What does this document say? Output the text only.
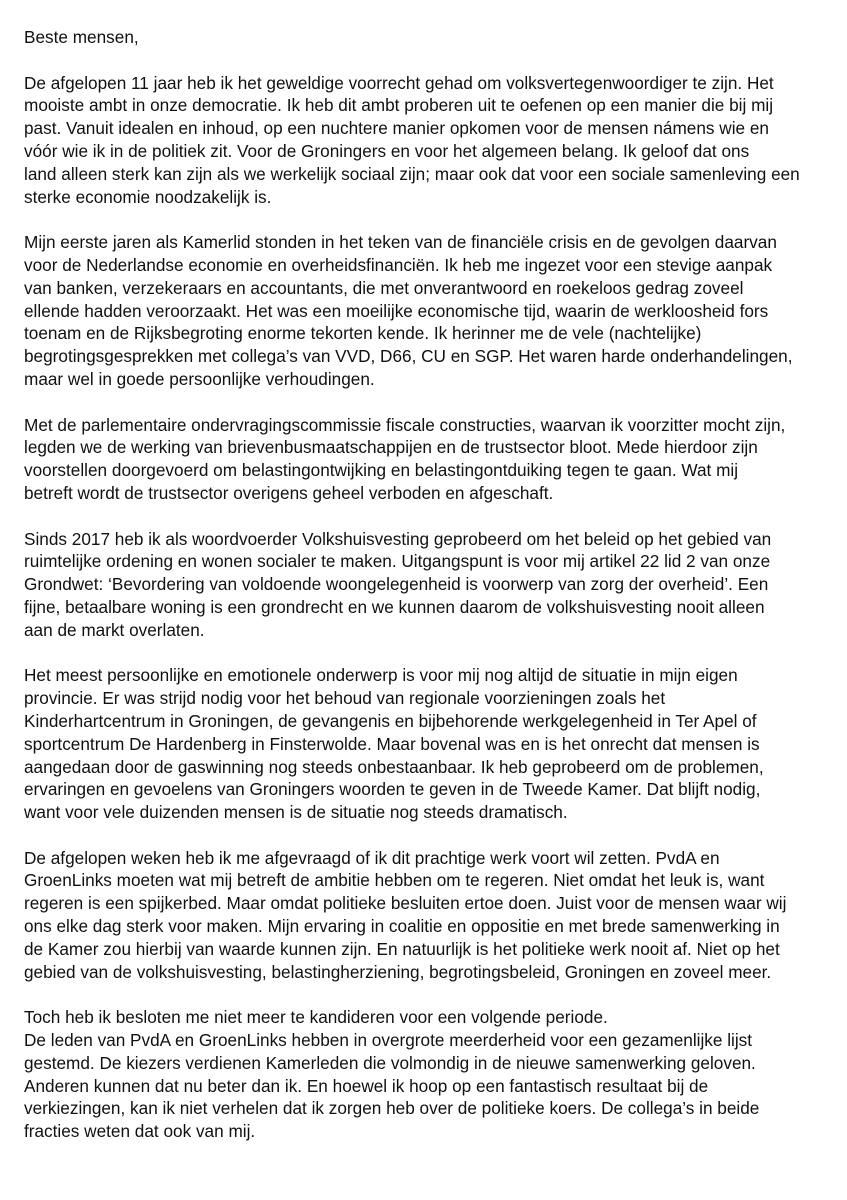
Beste mensen,
De afgelopen 11 jaar heb ik het geweldige voorrecht gehad om volksvertegenwoordiger te zijn. Het
mooiste ambt in onze democratie. Ik heb dit ambt proberen uit te oefenen op een manier die bij mij
past. Vanuit idealen en inhoud, op een nuchtere manier opkomen voor de mensen námens wie en
vóór wie ik in de politiek zit. Voor de Groningers en voor het algemeen belang. Ik geloof dat ons
land alleen sterk kan zijn als we werkelijk sociaal zijn; maar ook dat voor een sociale samenleving een
sterke economie noodzakelijk is.
Mijn eerste jaren als Kamerlid stonden in het teken van de financiële crisis en de gevolgen daarvan
voor de Nederlandse economie en overheidsfinanciën. Ik heb me ingezet voor een stevige aanpak
van banken, verzekeraars en accountants, die met onverantwoord en roekeloos gedrag zoveel
ellende hadden veroorzaakt. Het was een moeilijke economische tijd, waarin de werkloosheid fors
toenam en de Rijksbegroting enorme tekorten kende. Ik herinner me de vele (nachtelijke)
begrotingsgesprekken met collega’s van VVD, D66, CU en SGP. Het waren harde onderhandelingen,
maar wel in goede persoonlijke verhoudingen.
Met de parlementaire ondervragingscommissie fiscale constructies, waarvan ik voorzitter mocht zijn,
legden we de werking van brievenbusmaatschappijen en de trustsector bloot. Mede hierdoor zijn
voorstellen doorgevoerd om belastingontwijking en belastingontduiking tegen te gaan. Wat mij
betreft wordt de trustsector overigens geheel verboden en afgeschaft.
Sinds 2017 heb ik als woordvoerder Volkshuisvesting geprobeerd om het beleid op het gebied van
ruimtelijke ordening en wonen socialer te maken. Uitgangspunt is voor mij artikel 22 lid 2 van onze
Grondwet: ‘Bevordering van voldoende woongelegenheid is voorwerp van zorg der overheid’. Een
fijne, betaalbare woning is een grondrecht en we kunnen daarom de volkshuisvesting nooit alleen
aan de markt overlaten.
Het meest persoonlijke en emotionele onderwerp is voor mij nog altijd de situatie in mijn eigen
provincie. Er was strijd nodig voor het behoud van regionale voorzieningen zoals het
Kinderhartcentrum in Groningen, de gevangenis en bijbehorende werkgelegenheid in Ter Apel of
sportcentrum De Hardenberg in Finsterwolde. Maar bovenal was en is het onrecht dat mensen is
aangedaan door de gaswinning nog steeds onbestaanbaar. Ik heb geprobeerd om de problemen,
ervaringen en gevoelens van Groningers woorden te geven in de Tweede Kamer. Dat blijft nodig,
want voor vele duizenden mensen is de situatie nog steeds dramatisch.
De afgelopen weken heb ik me afgevraagd of ik dit prachtige werk voort wil zetten. PvdA en
GroenLinks moeten wat mij betreft de ambitie hebben om te regeren. Niet omdat het leuk is, want
regeren is een spijkerbed. Maar omdat politieke besluiten ertoe doen. Juist voor de mensen waar wij
ons elke dag sterk voor maken. Mijn ervaring in coalitie en oppositie en met brede samenwerking in
de Kamer zou hierbij van waarde kunnen zijn. En natuurlijk is het politieke werk nooit af. Niet op het
gebied van de volkshuisvesting, belastingherziening, begrotingsbeleid, Groningen en zoveel meer.
Toch heb ik besloten me niet meer te kandideren voor een volgende periode.
De leden van PvdA en GroenLinks hebben in overgrote meerderheid voor een gezamenlijke lijst
gestemd. De kiezers verdienen Kamerleden die volmondig in de nieuwe samenwerking geloven.
Anderen kunnen dat nu beter dan ik. En hoewel ik hoop op een fantastisch resultaat bij de
verkiezingen, kan ik niet verhelen dat ik zorgen heb over de politieke koers. De collega’s in beide
fracties weten dat ook van mij.
